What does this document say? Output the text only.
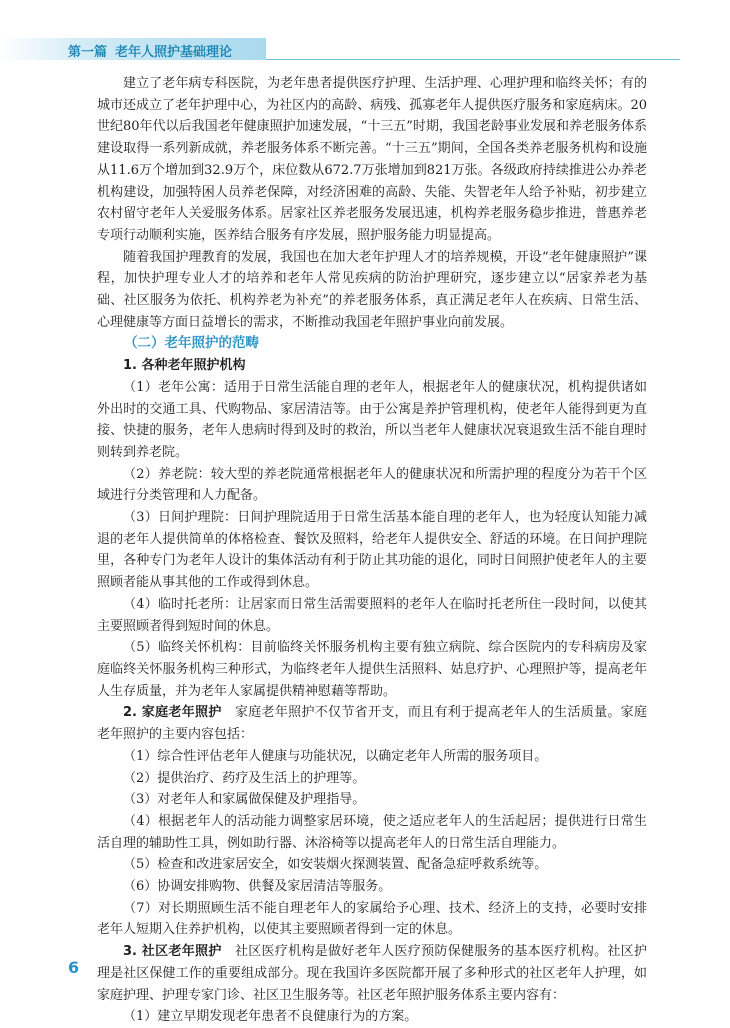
第一篇 老年人照护基础理论

建立了老年病专科医院，为老年患者提供医疗护理、生活护理、心理护理和临终关怀；有的城市还成立了老年护理中心，为社区内的高龄、病残、孤寡老年人提供医疗服务和家庭病床。20世纪80年代以后我国老年健康照护加速发展，“十三五”时期，我国老龄事业发展和养老服务体系建设取得一系列新成就，养老服务体系不断完善。“十三五”期间，全国各类养老服务机构和设施从11.6万个增加到32.9万个，床位数从672.7万张增加到821万张。各级政府持续推进公办养老机构建设，加强特困人员养老保障，对经济困难的高龄、失能、失智老年人给予补贴，初步建立农村留守老年人关爱服务体系。居家社区养老服务发展迅速，机构养老服务稳步推进，普惠养老专项行动顺利实施，医养结合服务有序发展，照护服务能力明显提高。

随着我国护理教育的发展，我国也在加大老年护理人才的培养规模，开设“老年健康照护”课程，加快护理专业人才的培养和老年人常见疾病的防治护理研究，逐步建立以“居家养老为基础、社区服务为依托、机构养老为补充”的养老服务体系，真正满足老年人在疾病、日常生活、心理健康等方面日益增长的需求，不断推动我国老年照护事业向前发展。

（二）老年照护的范畴

1. 各种老年照护机构

（1）老年公寓：适用于日常生活能自理的老年人，根据老年人的健康状况，机构提供诸如外出时的交通工具、代购物品、家居清洁等。由于公寓是养护管理机构，使老年人能得到更为直接、快捷的服务，老年人患病时得到及时的救治，所以当老年人健康状况衰退致生活不能自理时则转到养老院。

（2）养老院：较大型的养老院通常根据老年人的健康状况和所需护理的程度分为若干个区域进行分类管理和人力配备。

（3）日间护理院：日间护理院适用于日常生活基本能自理的老年人，也为轻度认知能力减退的老年人提供简单的体格检查、餐饮及照料，给老年人提供安全、舒适的环境。在日间护理院里，各种专门为老年人设计的集体活动有利于防止其功能的退化，同时日间照护使老年人的主要照顾者能从事其他的工作或得到休息。

（4）临时托老所：让居家而日常生活需要照料的老年人在临时托老所住一段时间，以使其主要照顾者得到短时间的休息。

（5）临终关怀机构：目前临终关怀服务机构主要有独立病院、综合医院内的专科病房及家庭临终关怀服务机构三种形式，为临终老年人提供生活照料、姑息疗护、心理照护等，提高老年人生存质量，并为老年人家属提供精神慰藉等帮助。

2. 家庭老年照护　 家庭老年照护不仅节省开支，而且有利于提高老年人的生活质量。家庭老年照护的主要内容包括：

（1）综合性评估老年人健康与功能状况，以确定老年人所需的服务项目。

（2）提供治疗、药疗及生活上的护理等。

（3）对老年人和家属做保健及护理指导。

（4）根据老年人的活动能力调整家居环境，使之适应老年人的生活起居；提供进行日常生活自理的辅助性工具，例如助行器、沐浴椅等以提高老年人的日常生活自理能力。

（5）检查和改进家居安全，如安装烟火探测装置、配备急症呼救系统等。

（6）协调安排购物、供餐及家居清洁等服务。

（7）对长期照顾生活不能自理老年人的家属给予心理、技术、经济上的支持，必要时安排老年人短期入住养护机构，以使其主要照顾者得到一定的休息。

3. 社区老年照护　 社区医疗机构是做好老年人医疗预防保健服务的基本医疗机构。社区护理是社区保健工作的重要组成部分。现在我国许多医院都开展了多种形式的社区老年人护理，如家庭护理、护理专家门诊、社区卫生服务等。社区老年照护服务体系主要内容有：

（1）建立早期发现老年患者不良健康行为的方案。

6
